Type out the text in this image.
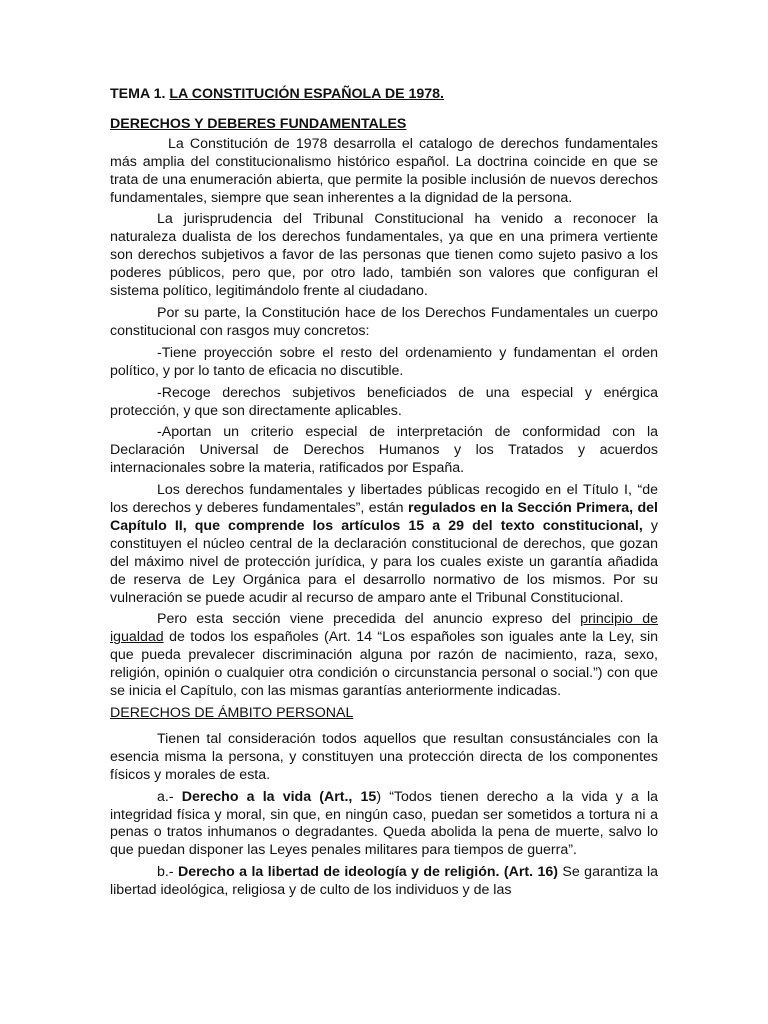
TEMA 1. LA CONSTITUCIÓN ESPAÑOLA DE 1978.
DERECHOS Y DEBERES FUNDAMENTALES

La Constitución de 1978 desarrolla el catalogo de derechos fundamentales más amplia del constitucionalismo histórico español. La doctrina coincide en que se trata de una enumeración abierta, que permite la posible inclusión de nuevos derechos fundamentales, siempre que sean inherentes a la dignidad de la persona.

La jurisprudencia del Tribunal Constitucional ha venido a reconocer la naturaleza dualista de los derechos fundamentales, ya que en una primera vertiente son derechos subjetivos a favor de las personas que tienen como sujeto pasivo a los poderes públicos, pero que, por otro lado, también son valores que configuran el sistema político, legitimándolo frente al ciudadano.

Por su parte, la Constitución hace de los Derechos Fundamentales un cuerpo constitucional con rasgos muy concretos:

-Tiene proyección sobre el resto del ordenamiento y fundamentan el orden político, y por lo tanto de eficacia no discutible.

-Recoge derechos subjetivos beneficiados de una especial y enérgica protección, y que son directamente aplicables.

-Aportan un criterio especial de interpretación de conformidad con la Declaración Universal de Derechos Humanos y los Tratados y acuerdos internacionales sobre la materia, ratificados por España.

Los derechos fundamentales y libertades públicas recogido en el Título I, “de los derechos y deberes fundamentales”, están regulados en la Sección Primera, del Capítulo II, que comprende los artículos 15 a 29 del texto constitucional, y constituyen el núcleo central de la declaración constitucional de derechos, que gozan del máximo nivel de protección jurídica, y para los cuales existe un garantía añadida de reserva de Ley Orgánica para el desarrollo normativo de los mismos. Por su vulneración se puede acudir al recurso de amparo ante el Tribunal Constitucional.

Pero esta sección viene precedida del anuncio expreso del principio de igualdad de todos los españoles (Art. 14 “Los españoles son iguales ante la Ley, sin que pueda prevalecer discriminación alguna por razón de nacimiento, raza, sexo, religión, opinión o cualquier otra condición o circunstancia personal o social.”) con que se inicia el Capítulo, con las mismas garantías anteriormente indicadas.

DERECHOS DE ÁMBITO PERSONAL

Tienen tal consideración todos aquellos que resultan consustánciales con la esencia misma la persona, y constituyen una protección directa de los componentes físicos y morales de esta.

a.- Derecho a la vida (Art., 15) “Todos tienen derecho a la vida y a la integridad física y moral, sin que, en ningún caso, puedan ser sometidos a tortura ni a penas o tratos inhumanos o degradantes. Queda abolida la pena de muerte, salvo lo que puedan disponer las Leyes penales militares para tiempos de guerra”.

b.- Derecho a la libertad de ideología y de religión. (Art. 16) Se garantiza la libertad ideológica, religiosa y de culto de los individuos y de las
